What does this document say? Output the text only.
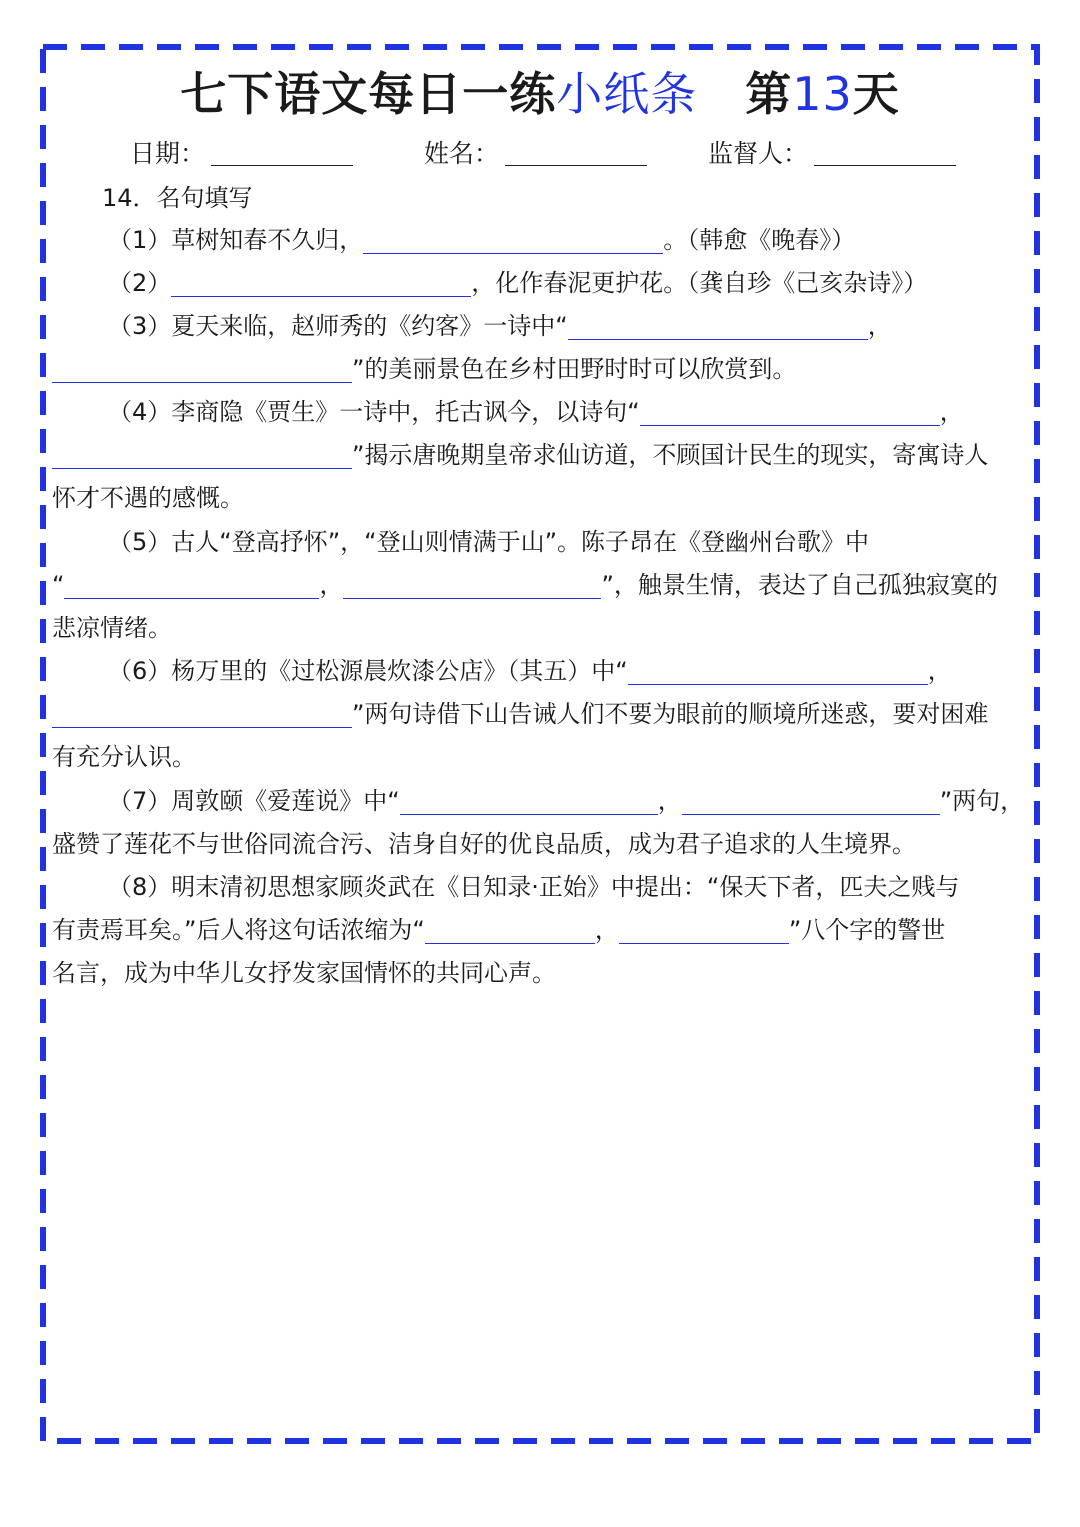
七下语文每日一练小纸条 第13天
日期：	姓名：	监督人：
14．名句填写

（1）草树知春不久归，	。（韩愈《晚春》）

（2）	，化作春泥更护花。（龚自珍《己亥杂诗》）

（3）夏天来临，赵师秀的《约客》一诗中“	，

”的美丽景色在乡村田野时时可以欣赏到。

（4）李商隐《贾生》一诗中，托古讽今，以诗句“	，

”揭示唐晚期皇帝求仙访道，不顾国计民生的现实，寄寓诗人

怀才不遇的感慨。

（5）古人“登高抒怀”，“登山则情满于山”。陈子昂在《登幽州台歌》中

“	，	”，触景生情，表达了自己孤独寂寞的

悲凉情绪。

（6）杨万里的《过松源晨炊漆公店》（其五）中“	，

”两句诗借下山告诫人们不要为眼前的顺境所迷惑，要对困难

有充分认识。

（7）周敦颐《爱莲说》中“	，	”两句，

盛赞了莲花不与世俗同流合污、洁身自好的优良品质，成为君子追求的人生境界。

（8）明末清初思想家顾炎武在《日知录·正始》中提出：“保天下者，匹夫之贱与

有责焉耳矣。”后人将这句话浓缩为“	，	”八个字的警世

名言，成为中华儿女抒发家国情怀的共同心声。
